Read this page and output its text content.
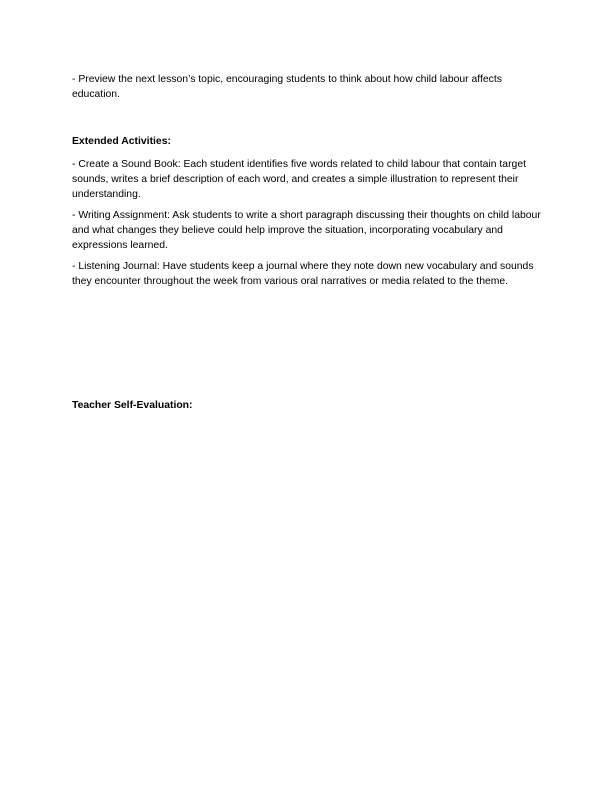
- Preview the next lesson’s topic, encouraging students to think about how child labour affects education.

Extended Activities:

- Create a Sound Book: Each student identifies five words related to child labour that contain target sounds, writes a brief description of each word, and creates a simple illustration to represent their understanding.

- Writing Assignment: Ask students to write a short paragraph discussing their thoughts on child labour and what changes they believe could help improve the situation, incorporating vocabulary and expressions learned.

- Listening Journal: Have students keep a journal where they note down new vocabulary and sounds they encounter throughout the week from various oral narratives or media related to the theme.

Teacher Self-Evaluation:
